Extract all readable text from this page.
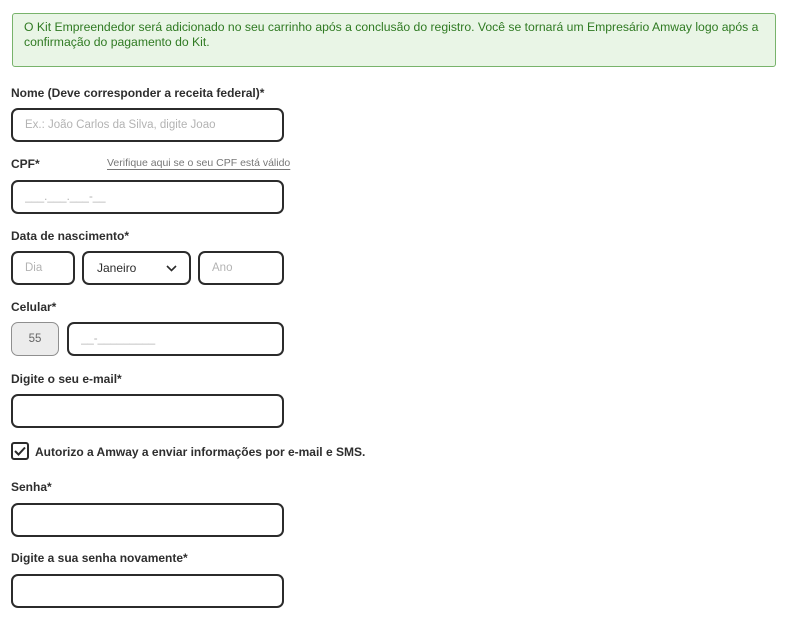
O Kit Empreendedor será adicionado no seu carrinho após a conclusão do registro. Você se tornará um Empresário Amway logo após a confirmação do pagamento do Kit.
Nome (Deve corresponder a receita federal)*
Ex.: João Carlos da Silva, digite Joao
CPF*	Verifique aqui se o seu CPF está válido
___.___.___-__
Data de nascimento*
Dia
Janeiro
Ano
Celular*
55
__-_________
Digite o seu e-mail*
Autorizo a Amway a enviar informações por e-mail e SMS.
Senha*
Digite a sua senha novamente*
